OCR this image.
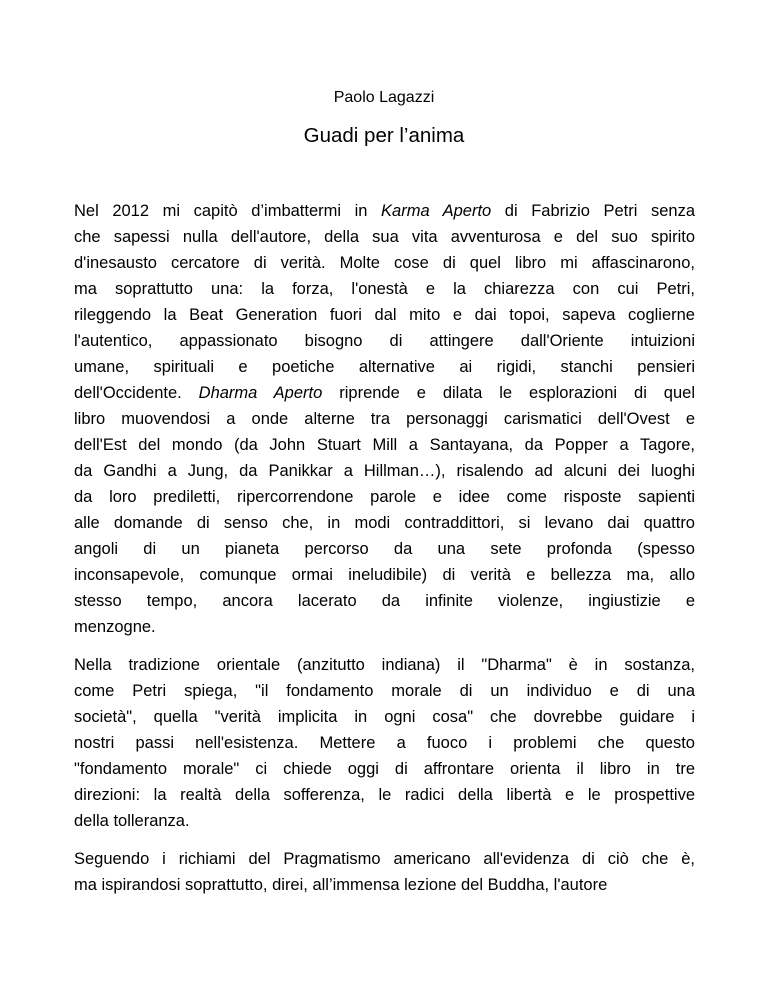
Paolo Lagazzi
Guadi per l’anima
Nel 2012 mi capitò d’imbattermi in Karma Aperto di Fabrizio Petri senza
che sapessi nulla dell'autore, della sua vita avventurosa e del suo spirito
d'inesausto cercatore di verità. Molte cose di quel libro mi affascinarono,
ma soprattutto una: la forza, l'onestà e la chiarezza con cui Petri,
rileggendo la Beat Generation fuori dal mito e dai topoi, sapeva coglierne
l'autentico, appassionato bisogno di attingere dall'Oriente intuizioni
umane, spirituali e poetiche alternative ai rigidi, stanchi pensieri
dell'Occidente. Dharma Aperto riprende e dilata le esplorazioni di quel
libro muovendosi a onde alterne tra personaggi carismatici dell'Ovest e
dell'Est del mondo (da John Stuart Mill a Santayana, da Popper a Tagore,
da Gandhi a Jung, da Panikkar a Hillman…), risalendo ad alcuni dei luoghi
da loro prediletti, ripercorrendone parole e idee come risposte sapienti
alle domande di senso che, in modi contraddittori, si levano dai quattro
angoli di un pianeta percorso da una sete profonda (spesso
inconsapevole, comunque ormai ineludibile) di verità e bellezza ma, allo
stesso tempo, ancora lacerato da infinite violenze, ingiustizie e
menzogne.
Nella tradizione orientale (anzitutto indiana) il "Dharma" è in sostanza,
come Petri spiega, "il fondamento morale di un individuo e di una
società", quella "verità implicita in ogni cosa" che dovrebbe guidare i
nostri passi nell'esistenza. Mettere a fuoco i problemi che questo
"fondamento morale" ci chiede oggi di affrontare orienta il libro in tre
direzioni: la realtà della sofferenza, le radici della libertà e le prospettive
della tolleranza.
Seguendo i richiami del Pragmatismo americano all'evidenza di ciò che è,
ma ispirandosi soprattutto, direi, all’immensa lezione del Buddha, l'autore
